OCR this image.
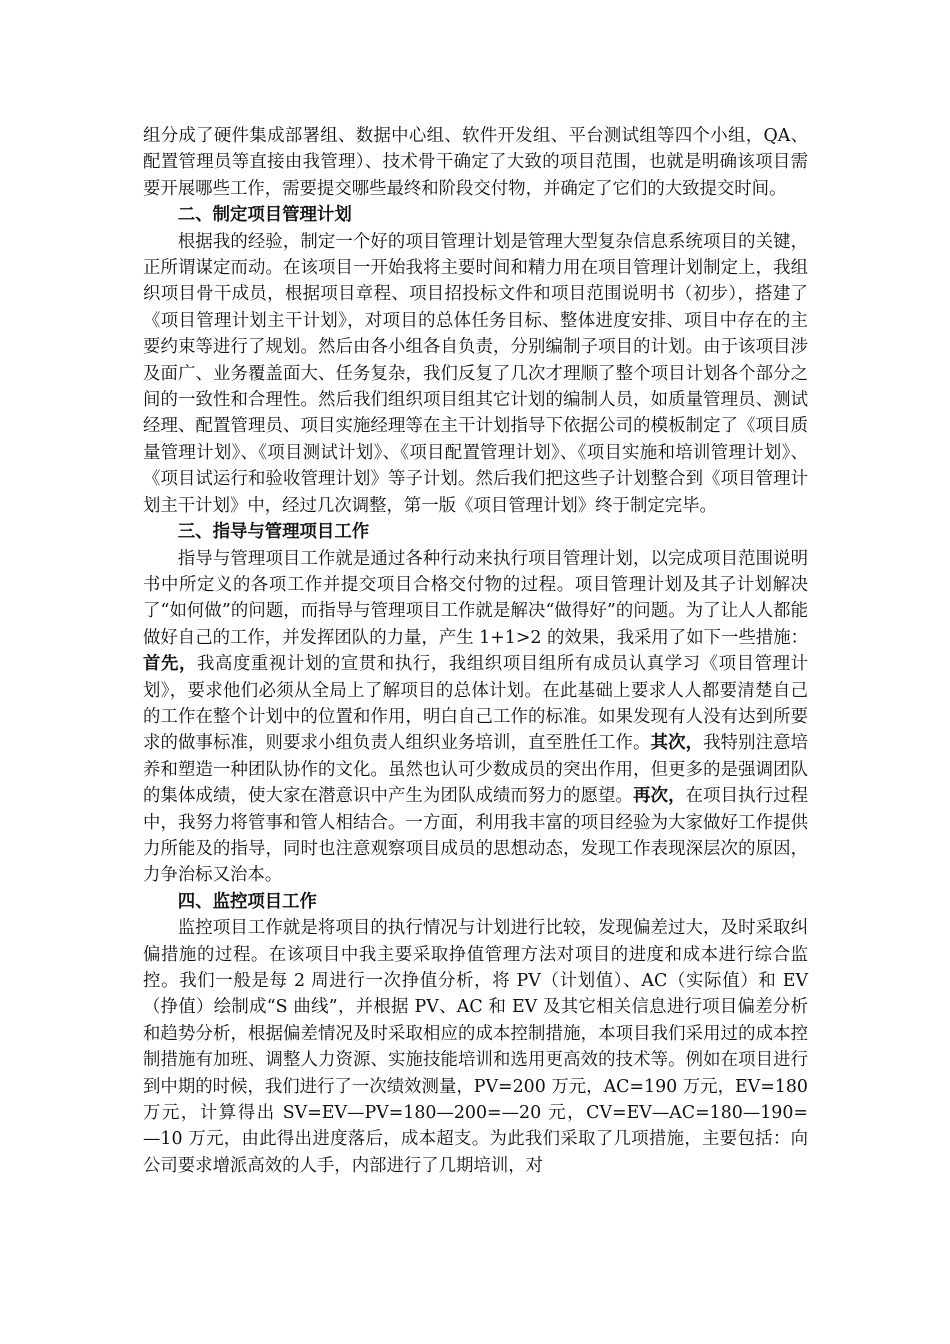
组分成了硬件集成部署组、数据中心组、软件开发组、平台测试组等四个小组，QA、配置管理员等直接由我管理）、技术骨干确定了大致的项目范围，也就是明确该项目需要开展哪些工作，需要提交哪些最终和阶段交付物，并确定了它们的大致提交时间。

二、制定项目管理计划

根据我的经验，制定一个好的项目管理计划是管理大型复杂信息系统项目的关键，正所谓谋定而动。在该项目一开始我将主要时间和精力用在项目管理计划制定上，我组织项目骨干成员，根据项目章程、项目招投标文件和项目范围说明书（初步），搭建了《项目管理计划主干计划》，对项目的总体任务目标、整体进度安排、项目中存在的主要约束等进行了规划。然后由各小组各自负责，分别编制子项目的计划。由于该项目涉及面广、业务覆盖面大、任务复杂，我们反复了几次才理顺了整个项目计划各个部分之间的一致性和合理性。然后我们组织项目组其它计划的编制人员，如质量管理员、测试经理、配置管理员、项目实施经理等在主干计划指导下依据公司的模板制定了《项目质量管理计划》、《项目测试计划》、《项目配置管理计划》、《项目实施和培训管理计划》、《项目试运行和验收管理计划》等子计划。然后我们把这些子计划整合到《项目管理计划主干计划》中，经过几次调整，第一版《项目管理计划》终于制定完毕。

三、指导与管理项目工作

指导与管理项目工作就是通过各种行动来执行项目管理计划，以完成项目范围说明书中所定义的各项工作并提交项目合格交付物的过程。项目管理计划及其子计划解决了“如何做”的问题，而指导与管理项目工作就是解决“做得好”的问题。为了让人人都能做好自己的工作，并发挥团队的力量，产生 1+1>2 的效果，我采用了如下一些措施：首先，我高度重视计划的宣贯和执行，我组织项目组所有成员认真学习《项目管理计划》，要求他们必须从全局上了解项目的总体计划。在此基础上要求人人都要清楚自己的工作在整个计划中的位置和作用，明白自己工作的标准。如果发现有人没有达到所要求的做事标准，则要求小组负责人组织业务培训，直至胜任工作。其次，我特别注意培养和塑造一种团队协作的文化。虽然也认可少数成员的突出作用，但更多的是强调团队的集体成绩，使大家在潜意识中产生为团队成绩而努力的愿望。再次，在项目执行过程中，我努力将管事和管人相结合。一方面，利用我丰富的项目经验为大家做好工作提供力所能及的指导，同时也注意观察项目成员的思想动态，发现工作表现深层次的原因，力争治标又治本。

四、监控项目工作

监控项目工作就是将项目的执行情况与计划进行比较，发现偏差过大，及时采取纠偏措施的过程。在该项目中我主要采取挣值管理方法对项目的进度和成本进行综合监控。我们一般是每 2 周进行一次挣值分析，将 PV（计划值）、AC（实际值）和 EV（挣值）绘制成“S 曲线”，并根据 PV、AC 和 EV 及其它相关信息进行项目偏差分析和趋势分析，根据偏差情况及时采取相应的成本控制措施，本项目我们采用过的成本控制措施有加班、调整人力资源、实施技能培训和选用更高效的技术等。例如在项目进行到中期的时候，我们进行了一次绩效测量，PV=200 万元，AC=190 万元，EV=180 万元，计算得出 SV=EV—PV=180—200=—20 元，CV=EV—AC=180—190=—10 万元，由此得出进度落后，成本超支。为此我们采取了几项措施，主要包括：向公司要求增派高效的人手，内部进行了几期培训，对
